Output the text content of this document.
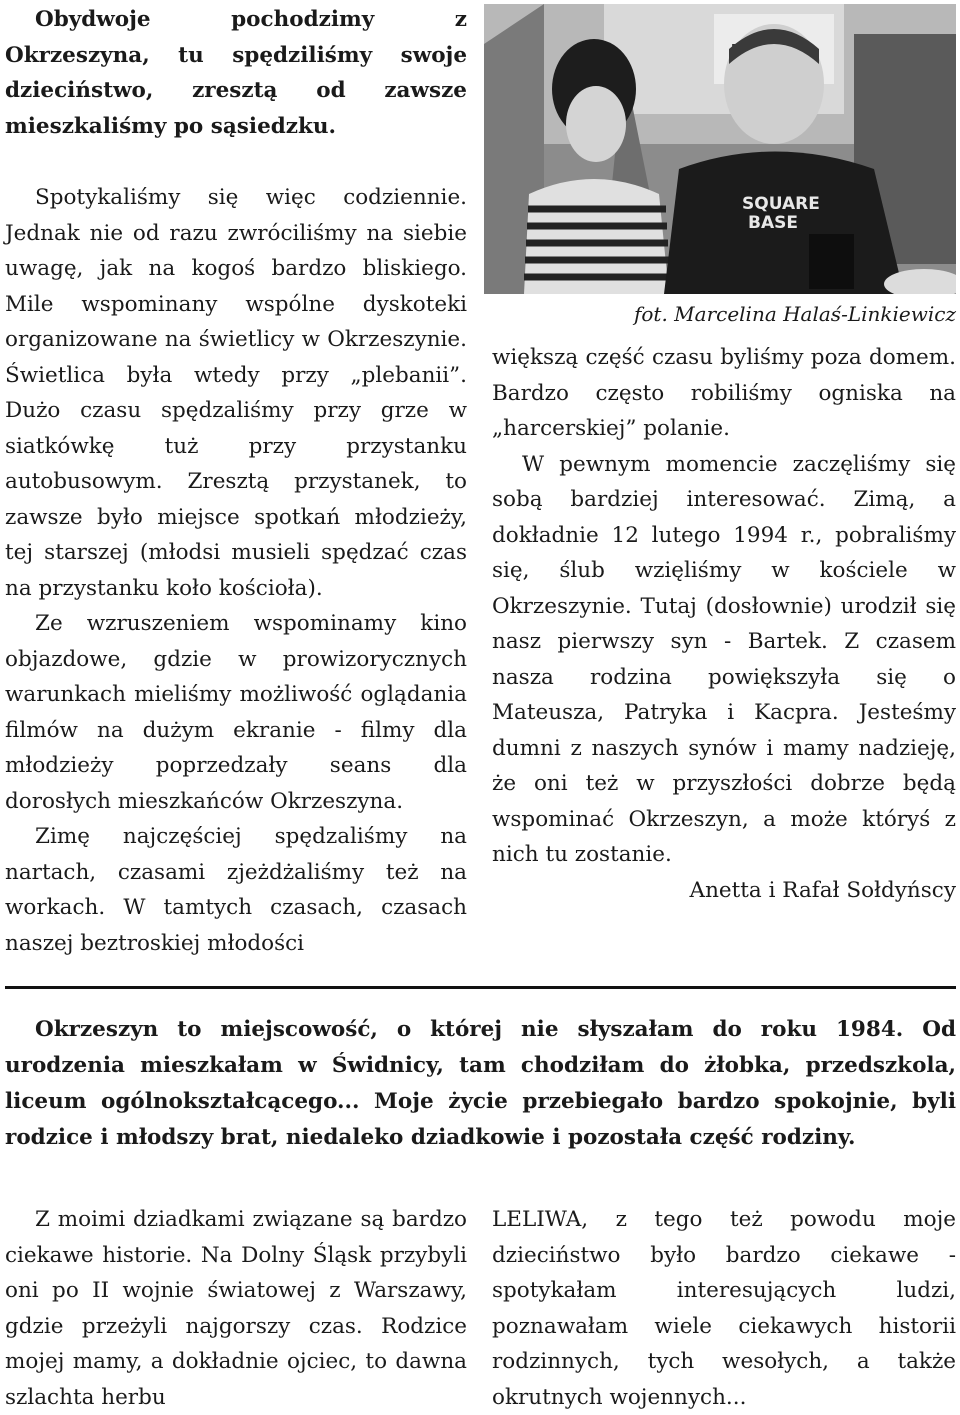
Obydwoje pochodzimy z Okrzeszyna, tu spędziliśmy swoje dzieciństwo, zresztą od zawsze mieszkaliśmy po sąsiedzku.

Spotykaliśmy się więc codziennie. Jednak nie od razu zwróciliśmy na siebie uwagę, jak na kogoś bardzo bliskiego. Mile wspominany wspólne dyskoteki organizowane na świetlicy w Okrzeszynie. Świetlica była wtedy przy „plebanii”. Dużo czasu spędzaliśmy przy grze w siatkówkę tuż przy przystanku autobusowym. Zresztą przystanek, to zawsze było miejsce spotkań młodzieży, tej starszej (młodsi musieli spędzać czas na przystanku koło kościoła).

Ze wzruszeniem wspominamy kino objazdowe, gdzie w prowizorycznych warunkach mieliśmy możliwość oglądania filmów na dużym ekranie - filmy dla młodzieży poprzedzały seans dla dorosłych mieszkańców Okrzeszyna.

Zimę najczęściej spędzaliśmy na nartach, czasami zjeżdżaliśmy też na workach. W tamtych czasach, czasach naszej beztroskiej młodości

SQUARE
BASE
fot. Marcelina Halaś-Linkiewicz

większą część czasu byliśmy poza domem. Bardzo często robiliśmy ogniska na „harcerskiej” polanie.

W pewnym momencie zaczęliśmy się sobą bardziej interesować. Zimą, a dokładnie 12 lutego 1994 r., pobraliśmy się, ślub wzięliśmy w kościele w Okrzeszynie. Tutaj (dosłownie) urodził się nasz pierwszy syn - Bartek. Z czasem nasza rodzina powiększyła się o Mateusza, Patryka i Kacpra. Jesteśmy dumni z naszych synów i mamy nadzieję, że oni też w przyszłości dobrze będą wspominać Okrzeszyn, a może któryś z nich tu zostanie.

Anetta i Rafał Sołdyńscy

Okrzeszyn to miejscowość, o której nie słyszałam do roku 1984. Od urodzenia mieszkałam w Świdnicy, tam chodziłam do żłobka, przedszkola, liceum ogólnokształcącego... Moje życie przebiegało bardzo spokojnie, byli rodzice i młodszy brat, niedaleko dziadkowie i pozostała część rodziny.

Z moimi dziadkami związane są bardzo ciekawe historie. Na Dolny Śląsk przybyli oni po II wojnie światowej z Warszawy, gdzie przeżyli najgorszy czas. Rodzice mojej mamy, a dokładnie ojciec, to dawna szlachta herbu

LELIWA, z tego też powodu moje dzieciństwo było bardzo ciekawe - spotykałam interesujących ludzi, poznawałam wiele ciekawych historii rodzinnych, tych wesołych, a także okrutnych wojennych...
